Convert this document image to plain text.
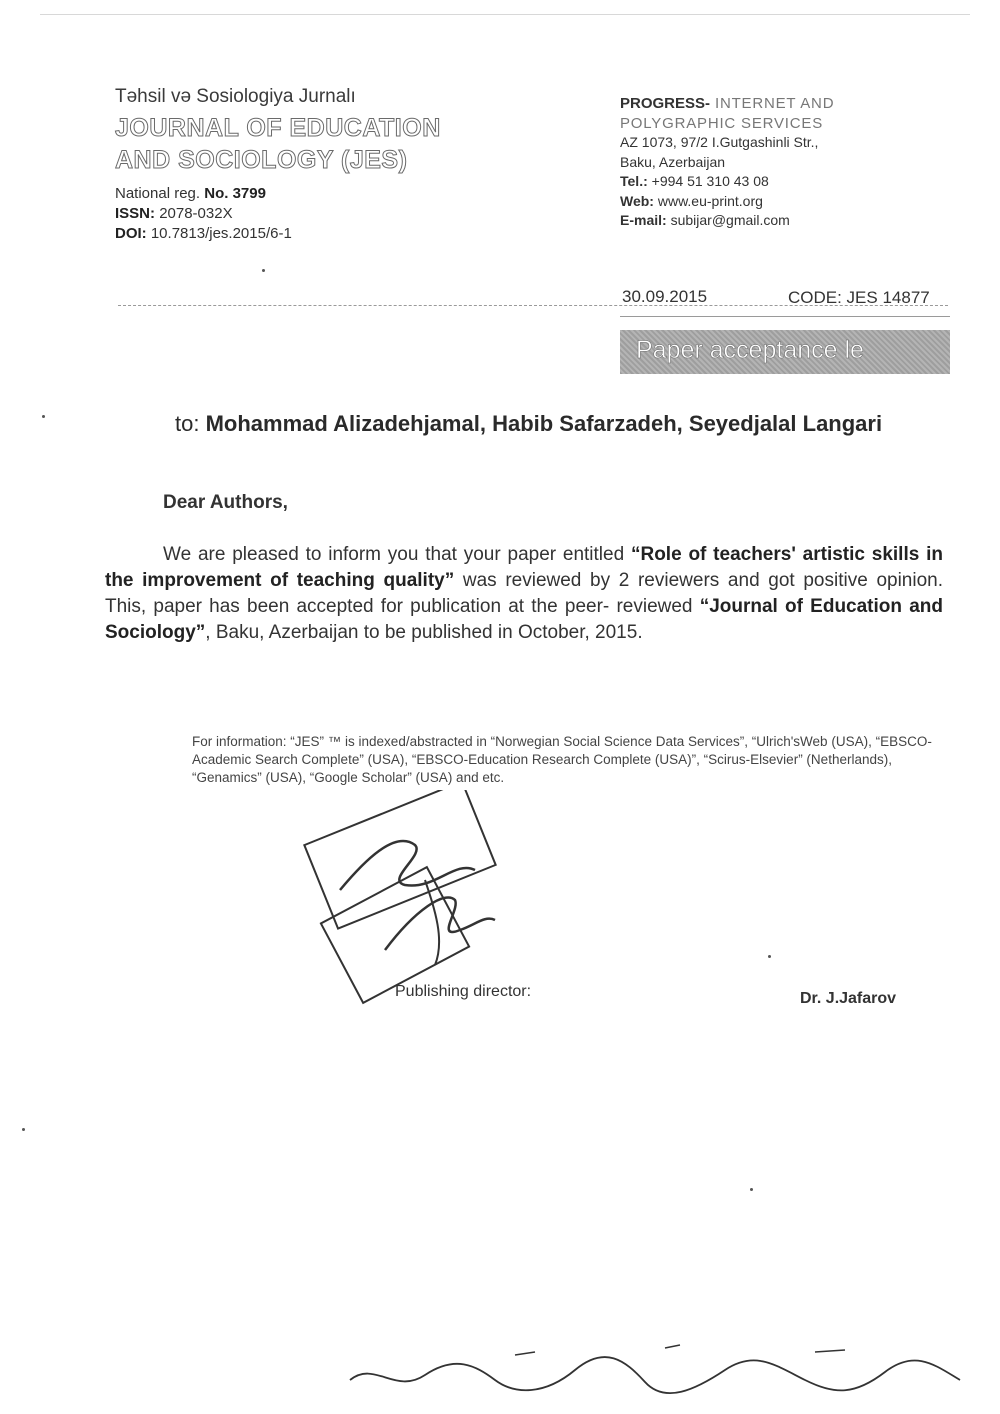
Təhsil və Sosiologiya Jurnalı
JOURNAL OF EDUCATION
AND SOCIOLOGY (JES)
National reg. No. 3799
ISSN: 2078-032X
DOI: 10.7813/jes.2015/6-1
PROGRESS- INTERNET AND
POLYGRAPHIC SERVICES
AZ 1073, 97/2 I.Gutgashinli Str.,
Baku, Azerbaijan
Tel.: +994 51 310 43 08
Web: www.eu-print.org
E-mail: subijar@gmail.com
30.09.2015	CODE: JES 14877
Paper acceptance le
to: Mohammad Alizadehjamal, Habib Safarzadeh, Seyedjalal Langari
Dear Authors,
We are pleased to inform you that your paper entitled “Role of teachers' artistic skills in the improvement of teaching quality” was reviewed by 2 reviewers and got positive opinion. This, paper has been accepted for publication at the peer- reviewed “Journal of Education and Sociology”, Baku, Azerbaijan to be published in October, 2015.
For information: “JES” ™ is indexed/abstracted in “Norwegian Social Science Data Services”, “Ulrich'sWeb (USA), “EBSCO-Academic Search Complete” (USA), “EBSCO-Education Research Complete (USA)”, “Scirus-Elsevier” (Netherlands), “Genamics” (USA), “Google Scholar” (USA) and etc.
Publishing director:	Dr. J.Jafarov
